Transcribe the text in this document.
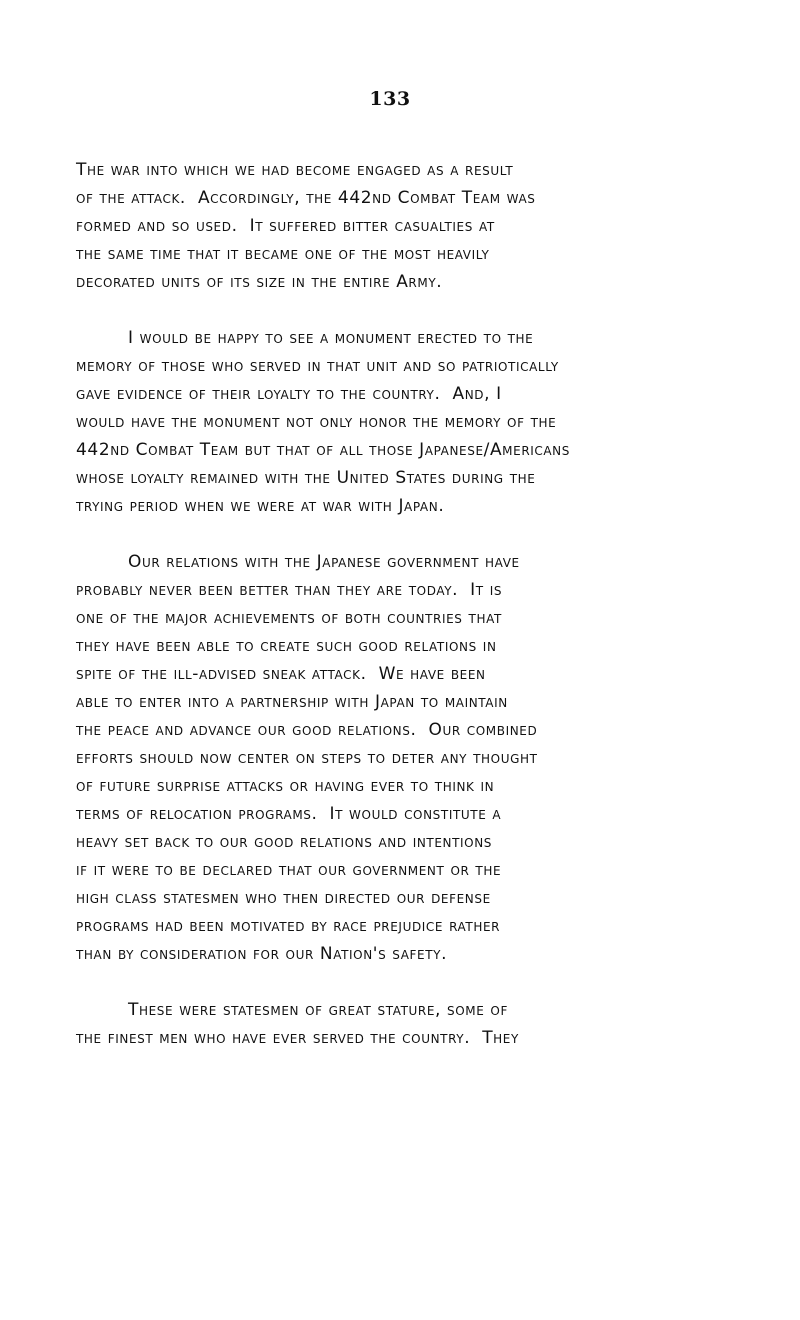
133
The war into which we had become engaged as a result
of the attack.  Accordingly, the 442nd Combat Team was
formed and so used.  It suffered bitter casualties at
the same time that it became one of the most heavily
decorated units of its size in the entire Army.
I would be happy to see a monument erected to the
memory of those who served in that unit and so patriotically
gave evidence of their loyalty to the country.  And, I
would have the monument not only honor the memory of the
442nd Combat Team but that of all those Japanese/Americans
whose loyalty remained with the United States during the
trying period when we were at war with Japan.
Our relations with the Japanese government have
probably never been better than they are today.  It is
one of the major achievements of both countries that
they have been able to create such good relations in
spite of the ill-advised sneak attack.  We have been
able to enter into a partnership with Japan to maintain
the peace and advance our good relations.  Our combined
efforts should now center on steps to deter any thought
of future surprise attacks or having ever to think in
terms of relocation programs.  It would constitute a
heavy set back to our good relations and intentions
if it were to be declared that our government or the
high class statesmen who then directed our defense
programs had been motivated by race prejudice rather
than by consideration for our Nation's safety.
These were statesmen of great stature, some of
the finest men who have ever served the country.  They
